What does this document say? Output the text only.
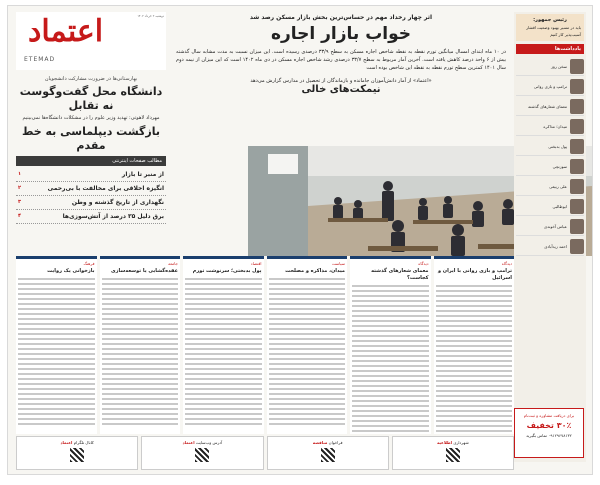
اعتماد
ETEMAD
دوشنبه ۲ خرداد ۱۴۰۲
بهارستانی‌ها در ضرورت مشارکت دانشجویان
دانشگاه محل گفت‌وگوست نه تقابل
مهرداد لاهوتی: تهدید وزیر علوم را در مشکلات دانشگاه‌ها نمی‌بینیم
بازگشت دیپلماسی به خط مقدم
مطالب صفحات اینترنتی
از منبر تا بازار
۱
انگیزه اخلاقی برای مخالفت با بی‌رحمی
۲
نگهداری از تاریخ گذشته و وطن
۳
برق دلیل ۳۵ درصد از آتش‌سوزی‌ها
۴
اثر چهار رخداد مهم در حساس‌ترین بخش بازار مسکن رصد شد
خواب بازار اجاره
در ۱۰ ماه ابتدای امسال میانگین تورم نقطه به نقطه شاخص اجاره مسکن به سطح ۳۳/۹ درصدی رسیده است. این میزان نسبت به مدت مشابه سال گذشته بیش از ۶ واحد درصد کاهش یافته است. آخرین آمار مربوط به سطح ۳۳/۷ درصدی رشد شاخص اجاره مسکن در دی ماه ۱۴۰۲ است که این میزان از نیمه دوم سال ۱۴۰۱ کمترین سطح تورم نقطه به نقطه این شاخص بوده است
«اعتماد» از آمار دانش‌آموزان جامانده و بازماندگان از تحصیل در مدارس گزارش می‌دهد
نیمکت‌های خالی
رئیس جمهور:
باید در مسیر بهبود وضعیت اقشار آسیب‌پذیر کار کنیم
یادداشت‌ها
سخن روز
ترامپ و بازی روانی
معمای شعارهای گذشته
میدان؛ مذاکره
پول بدبختی
سوزنچی
علی ربیعی
ابوطالبی
عباس آخوندی
احمد زیدآبادی
برای دریافت مشاوره و ثبت‌نام
۳۰٪ تخفیف
۰۹۱۲۹۶۷۸۱۳۲ تماس بگیرید
دیدگاه
ترامپ و بازی روانی با ایران و اسرائیل
دیدگاه
معمای شعارهای گذشته کجاست؟
سیاست
میدان، مذاکره و مصلحت
اقتصاد
پول بدبختی؛ سرنوشت تورم
جامعه
عقده‌گشایی یا توسعه‌سازی
فرهنگ
بازخوانی یک روایت
شهرداری اطلاعیه
فراخوان مناقصه
آدرس وب‌سایت اعتماد
کانال تلگرام اعتماد
